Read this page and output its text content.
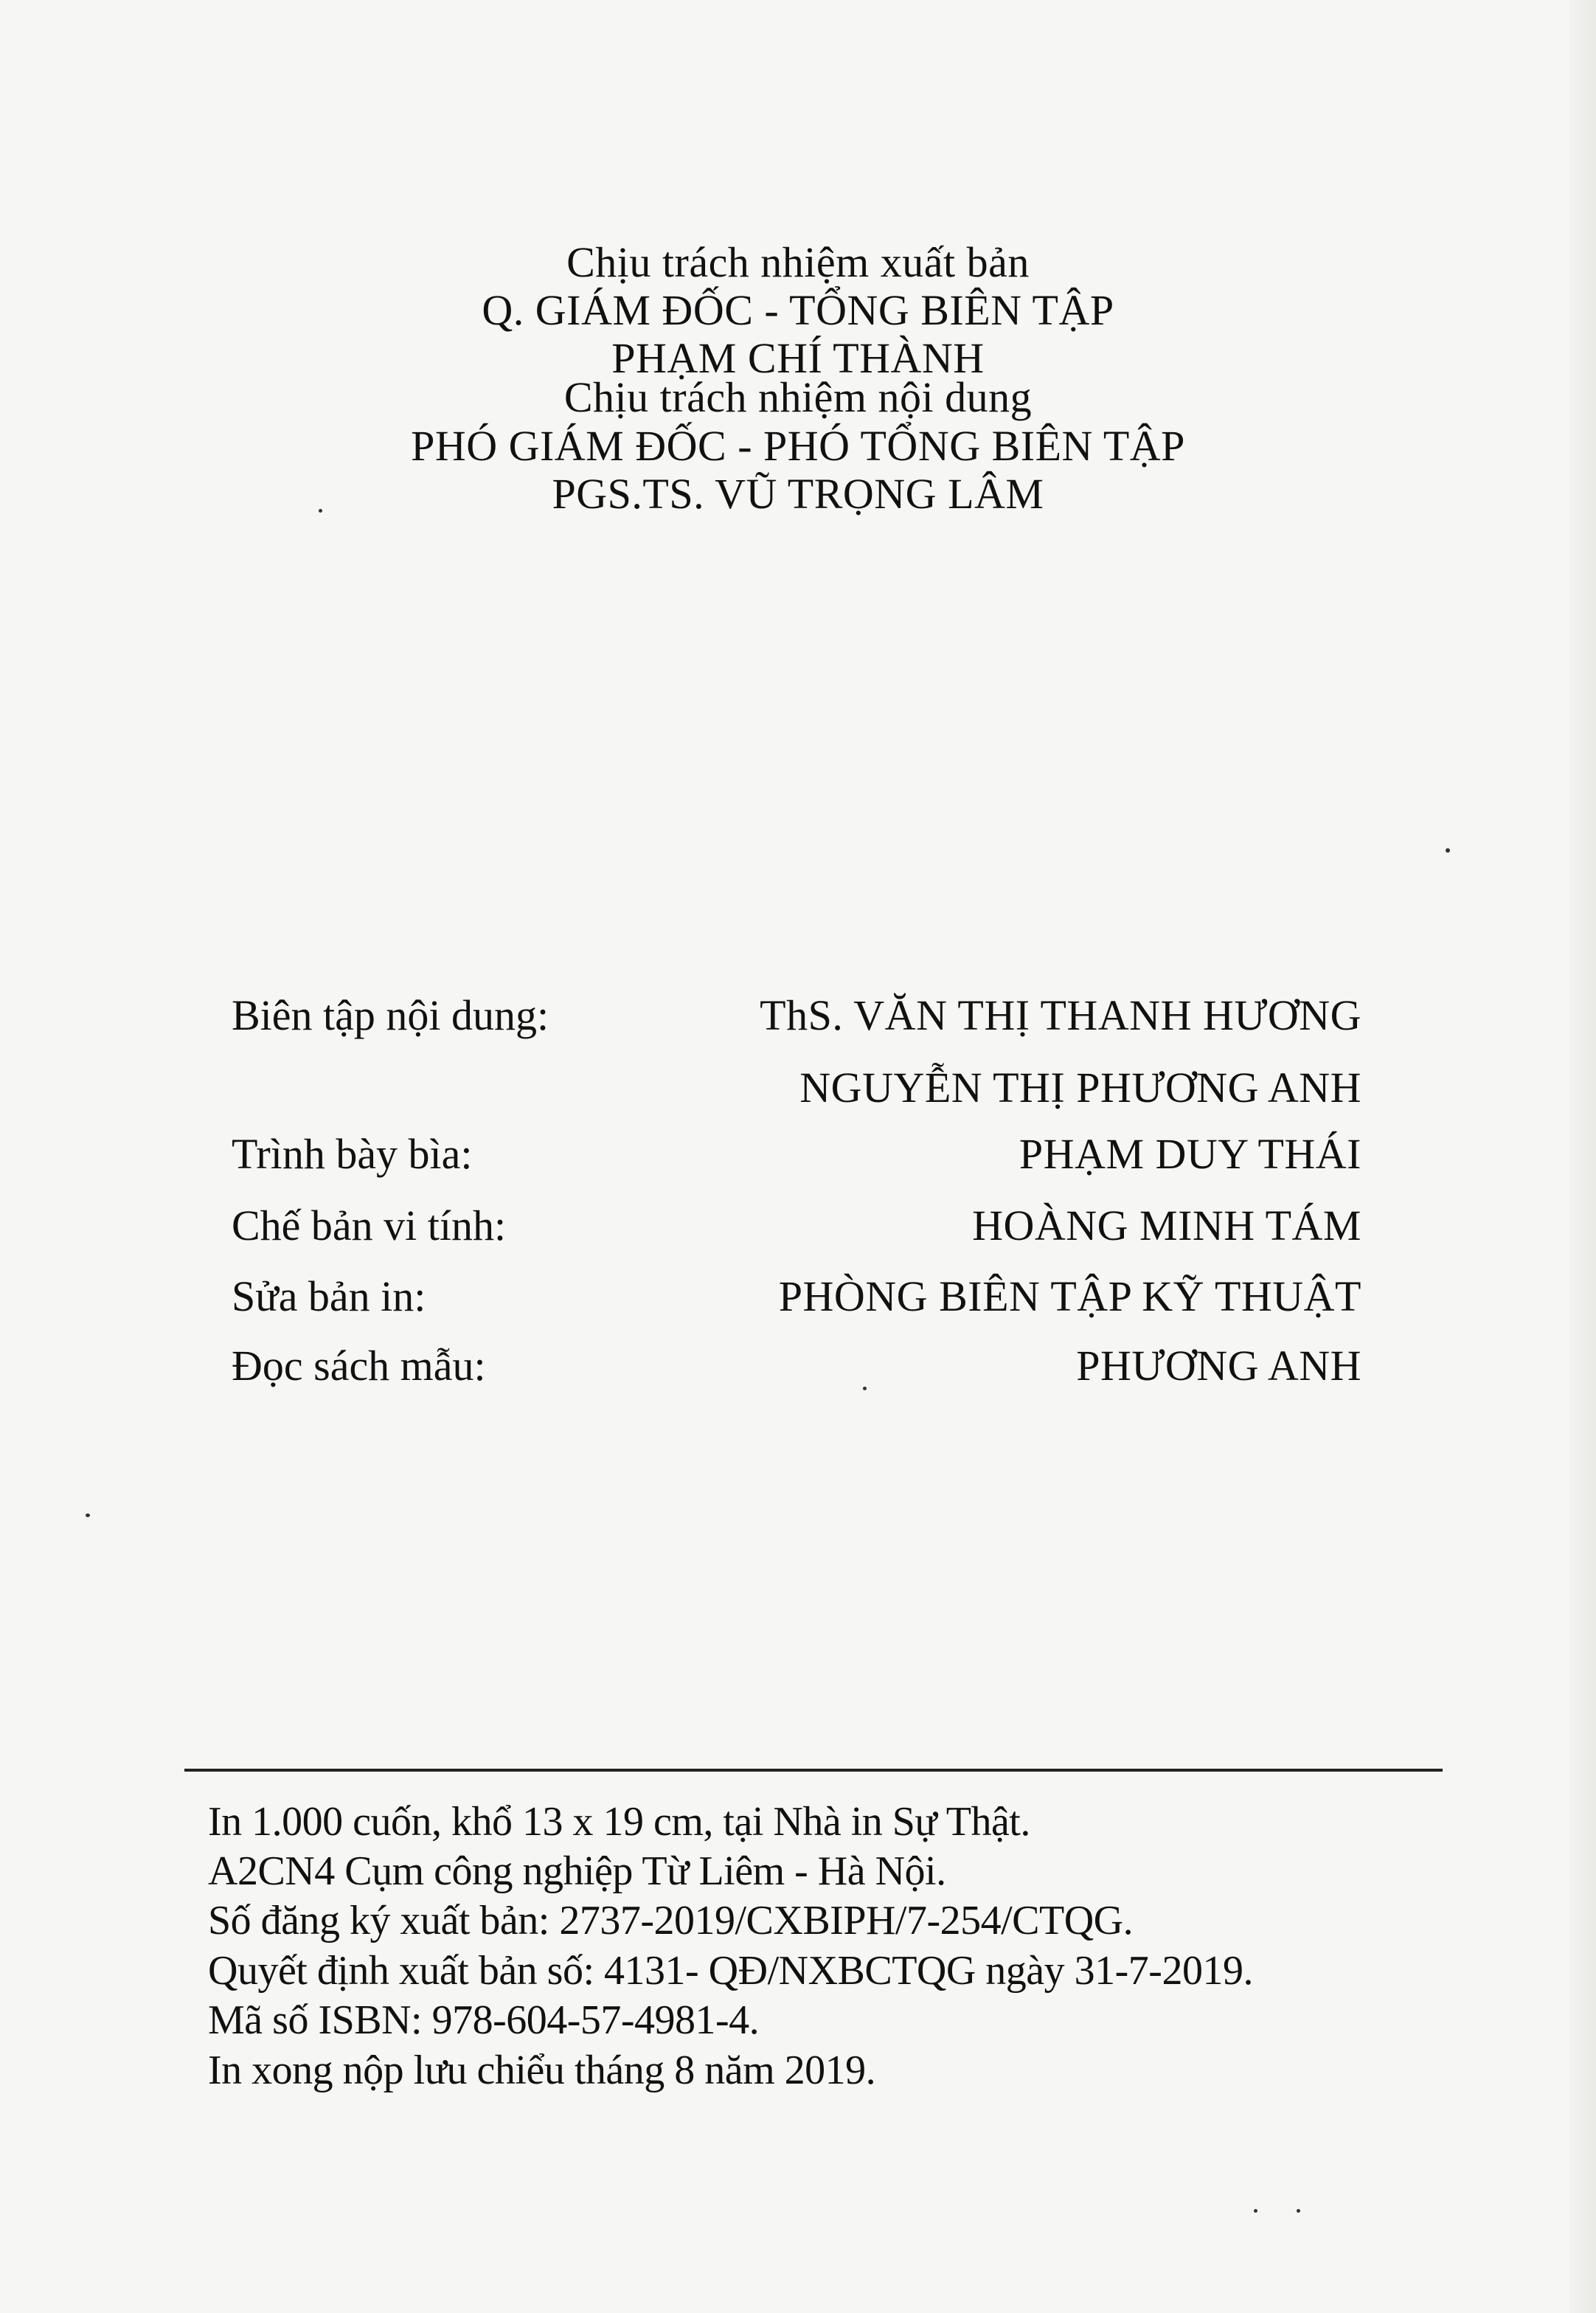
Chịu trách nhiệm xuất bản
Q. GIÁM ĐỐC - TỔNG BIÊN TẬP
PHẠM CHÍ THÀNH
Chịu trách nhiệm nội dung
PHÓ GIÁM ĐỐC - PHÓ TỔNG BIÊN TẬP
PGS.TS. VŨ TRỌNG LÂM
Biên tập nội dung:	ThS. VĂN THỊ THANH HƯƠNG
NGUYỄN THỊ PHƯƠNG ANH
Trình bày bìa:	PHẠM DUY THÁI
Chế bản vi tính:	HOÀNG MINH TÁM
Sửa bản in:	PHÒNG BIÊN TẬP KỸ THUẬT
Đọc sách mẫu:	PHƯƠNG ANH
In 1.000 cuốn, khổ 13 x 19 cm, tại Nhà in Sự Thật.
A2CN4 Cụm công nghiệp Từ Liêm - Hà Nội.
Số đăng ký xuất bản: 2737-2019/CXBIPH/7-254/CTQG.
Quyết định xuất bản số: 4131- QĐ/NXBCTQG ngày 31-7-2019.
Mã số ISBN: 978-604-57-4981-4.
In xong nộp lưu chiểu tháng 8 năm 2019.
